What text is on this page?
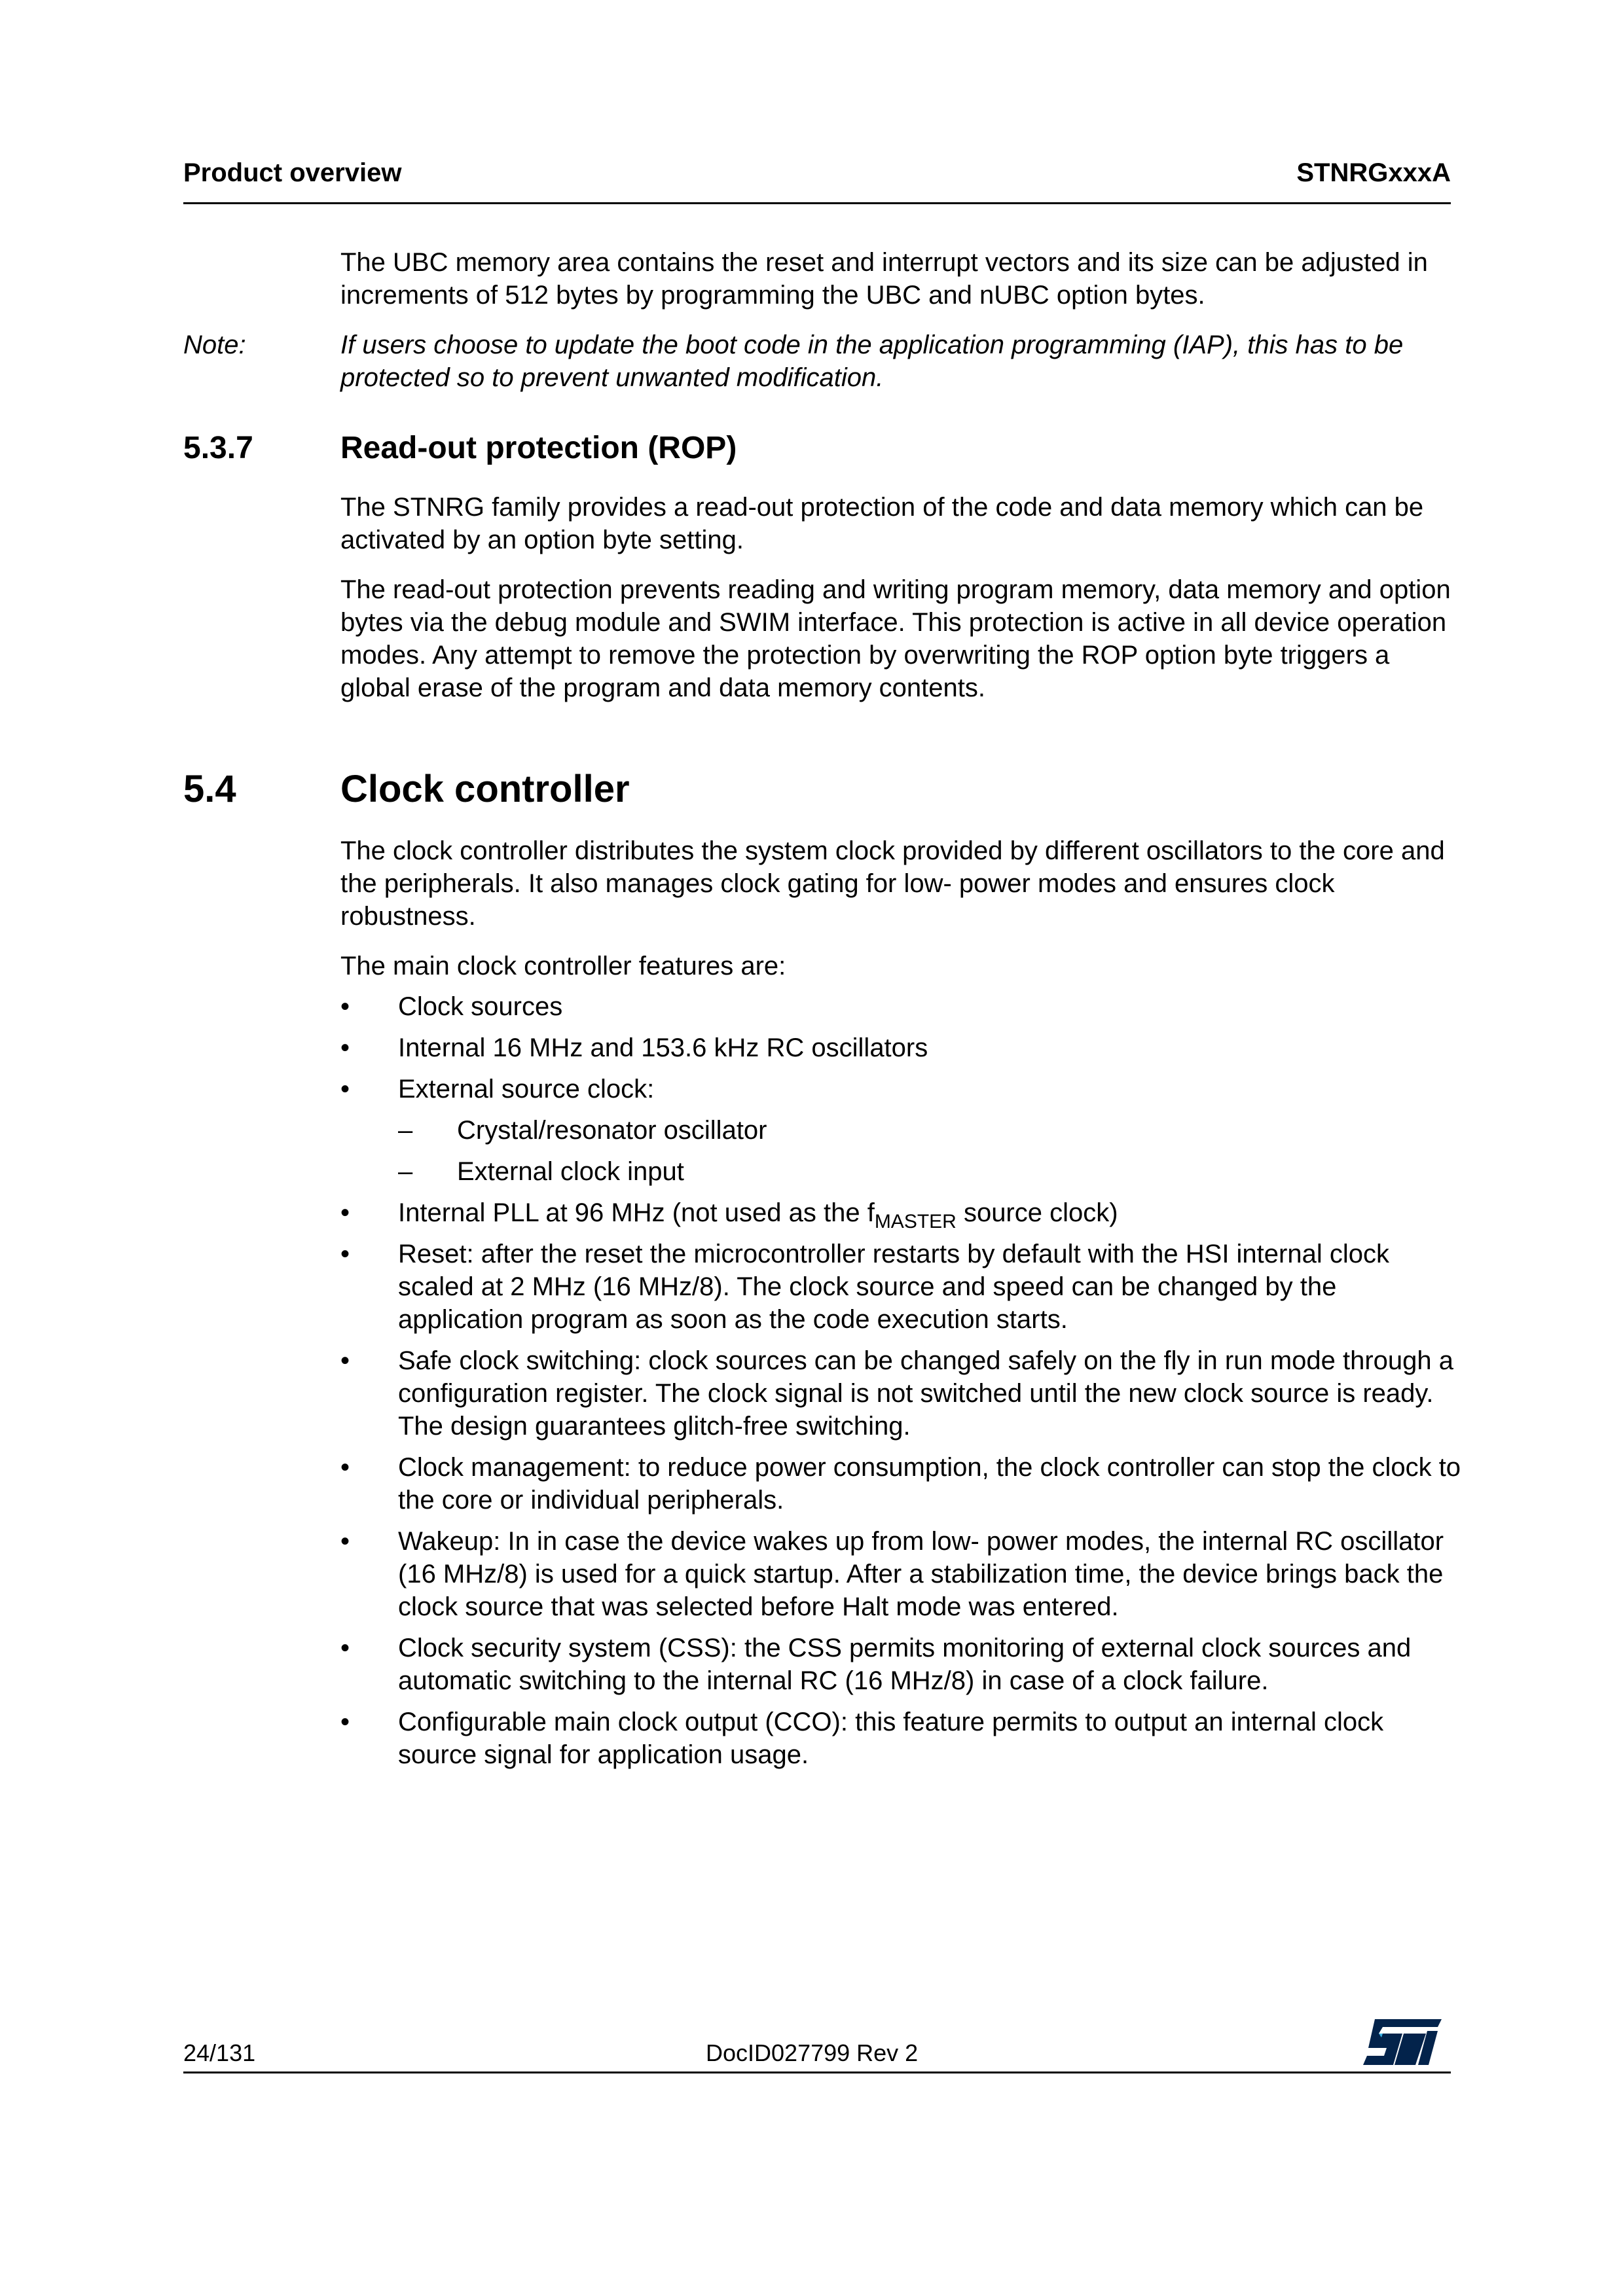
Product overview	STNRGxxxA

The UBC memory area contains the reset and interrupt vectors and its size can be adjusted in increments of 512 bytes by programming the UBC and nUBC option bytes.

Note:	If users choose to update the boot code in the application programming (IAP), this has to be protected so to prevent unwanted modification.

5.3.7	Read-out protection (ROP)

The STNRG family provides a read-out protection of the code and data memory which can be activated by an option byte setting.

The read-out protection prevents reading and writing program memory, data memory and option bytes via the debug module and SWIM interface. This protection is active in all device operation modes. Any attempt to remove the protection by overwriting the ROP option byte triggers a global erase of the program and data memory contents.

5.4	Clock controller

The clock controller distributes the system clock provided by different oscillators to the core and the peripherals. It also manages clock gating for low- power modes and ensures clock robustness.

The main clock controller features are:

• Clock sources
• Internal 16 MHz and 153.6 kHz RC oscillators
• External source clock:
– Crystal/resonator oscillator
– External clock input
• Internal PLL at 96 MHz (not used as the $f_{MASTER}$ source clock)
• Reset: after the reset the microcontroller restarts by default with the HSI internal clock scaled at 2 MHz (16 MHz/8). The clock source and speed can be changed by the application program as soon as the code execution starts.
• Safe clock switching: clock sources can be changed safely on the fly in run mode through a configuration register. The clock signal is not switched until the new clock source is ready. The design guarantees glitch-free switching.
• Clock management: to reduce power consumption, the clock controller can stop the clock to the core or individual peripherals.
• Wakeup: In in case the device wakes up from low- power modes, the internal RC oscillator (16 MHz/8) is used for a quick startup. After a stabilization time, the device brings back the clock source that was selected before Halt mode was entered.
• Clock security system (CSS): the CSS permits monitoring of external clock sources and automatic switching to the internal RC (16 MHz/8) in case of a clock failure.
• Configurable main clock output (CCO): this feature permits to output an internal clock source signal for application usage.
24/131	DocID027799 Rev 2
